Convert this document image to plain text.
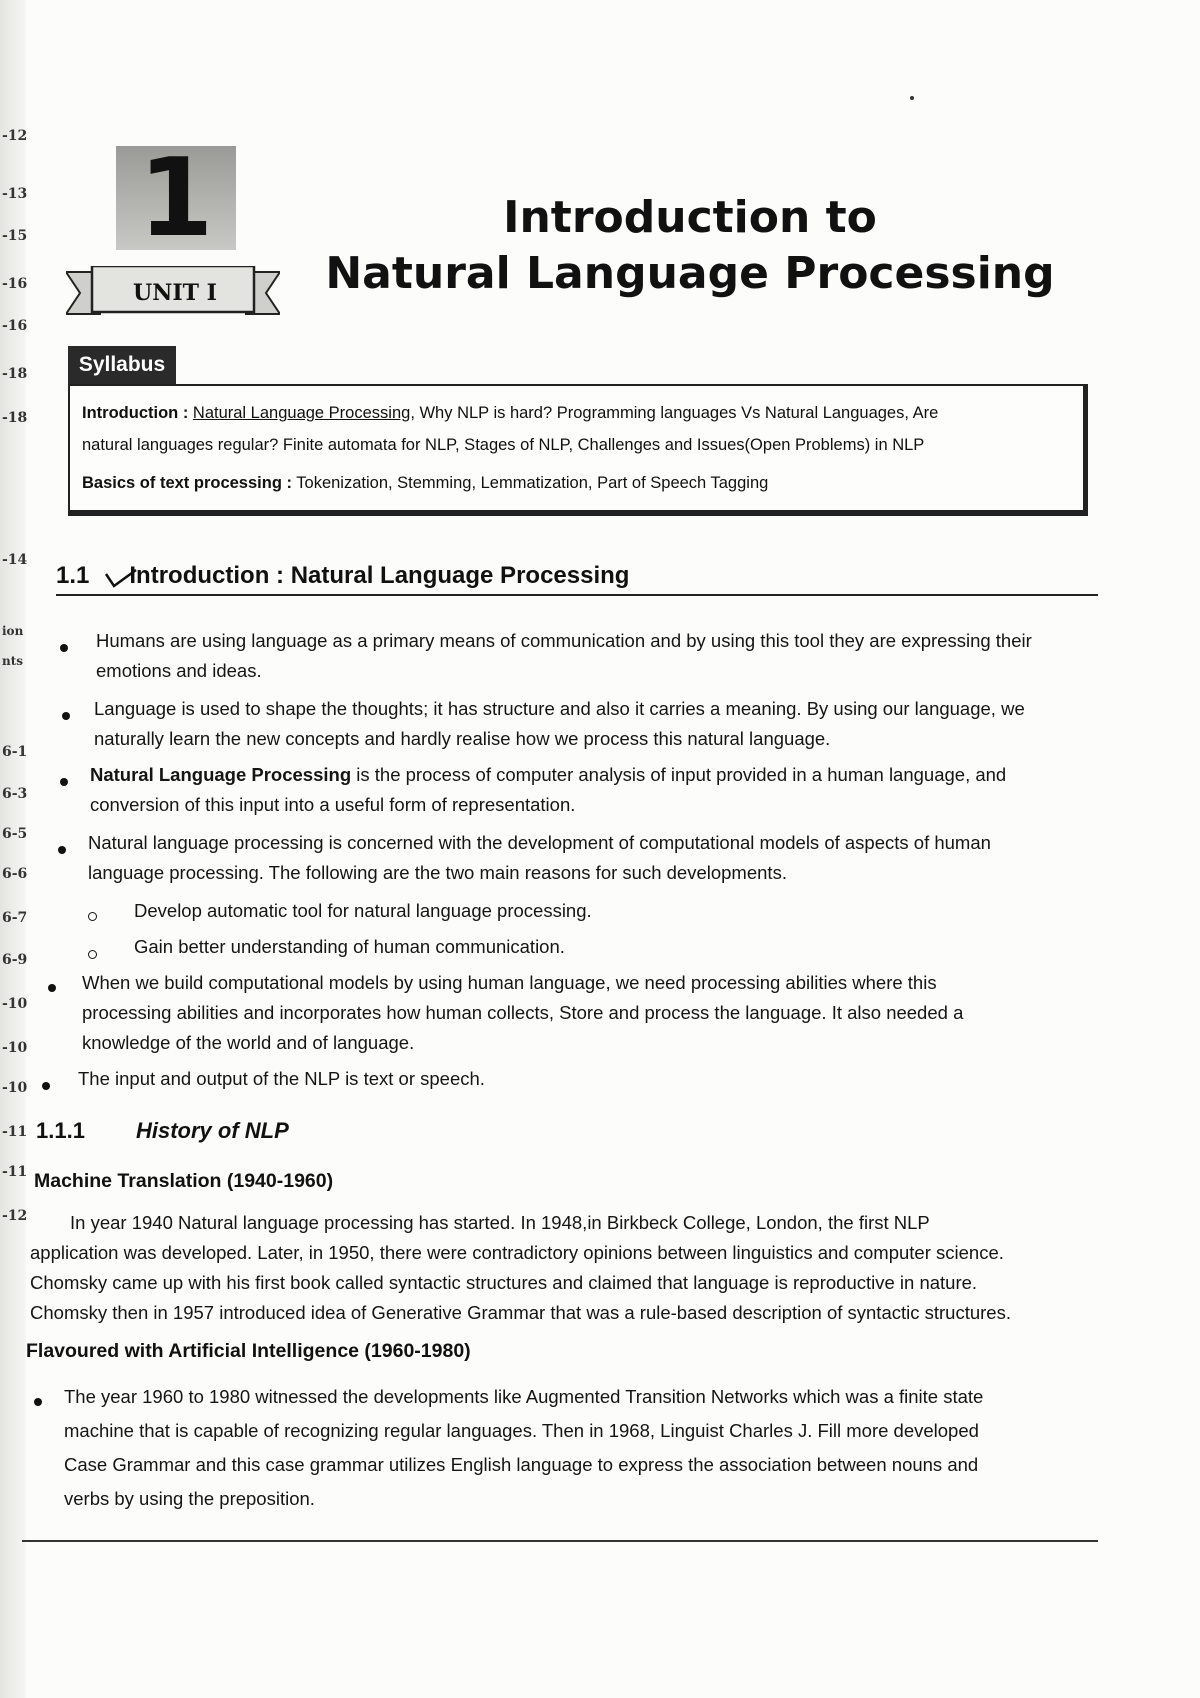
-12
-13
-15
-16
-16
-18
-18
-14
ion
nts
6-1
6-3
6-5
6-6
6-7
6-9
-10
-10
-10
-11
-11
-12
1
UNIT I
Introduction to
Natural Language Processing
Syllabus
Introduction : Natural Language Processing, Why NLP is hard? Programming languages Vs Natural Languages, Are
natural languages regular? Finite automata for NLP, Stages of NLP, Challenges and Issues(Open Problems) in NLP
Basics of text processing : Tokenization, Stemming, Lemmatization, Part of Speech Tagging
1.1 Introduction : Natural Language Processing
Humans are using language as a primary means of communication and by using this tool they are expressing their
emotions and ideas.
Language is used to shape the thoughts; it has structure and also it carries a meaning. By using our language, we
naturally learn the new concepts and hardly realise how we process this natural language.
Natural Language Processing is the process of computer analysis of input provided in a human language, and
conversion of this input into a useful form of representation.
Natural language processing is concerned with the development of computational models of aspects of human
language processing. The following are the two main reasons for such developments.
Develop automatic tool for natural language processing.
Gain better understanding of human communication.
When we build computational models by using human language, we need processing abilities where this
processing abilities and incorporates how human collects, Store and process the language. It also needed a
knowledge of the world and of language.
The input and output of the NLP is text or speech.
1.1.1 History of NLP
Machine Translation (1940-1960)
In year 1940 Natural language processing has started. In 1948,in Birkbeck College, London, the first NLP
application was developed. Later, in 1950, there were contradictory opinions between linguistics and computer science.
Chomsky came up with his first book called syntactic structures and claimed that language is reproductive in nature.
Chomsky then in 1957 introduced idea of Generative Grammar that was a rule-based description of syntactic structures.
Flavoured with Artificial Intelligence (1960-1980)
The year 1960 to 1980 witnessed the developments like Augmented Transition Networks which was a finite state
machine that is capable of recognizing regular languages. Then in 1968, Linguist Charles J. Fill more developed
Case Grammar and this case grammar utilizes English language to express the association between nouns and
verbs by using the preposition.
